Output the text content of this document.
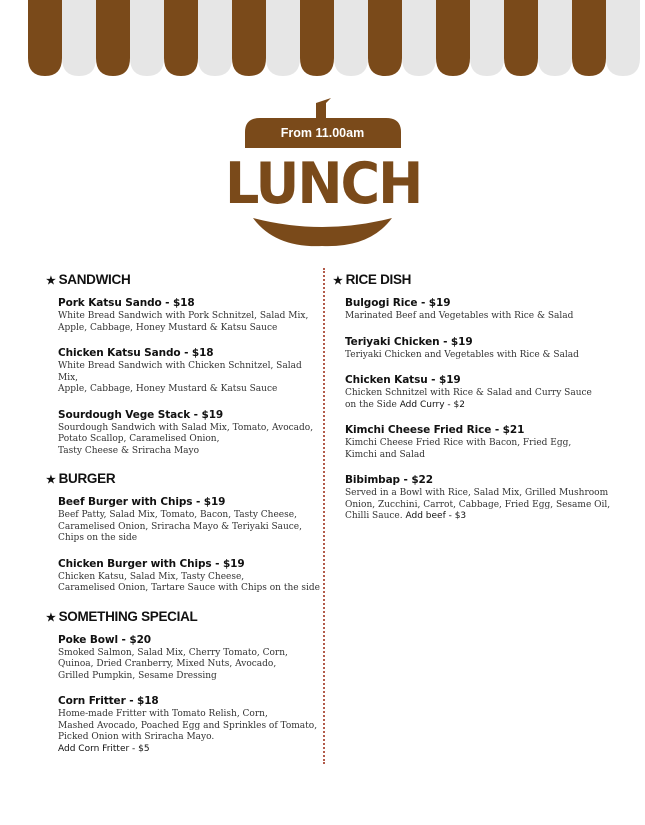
From 11.00am
LUNCH
★ SANDWICH
Pork Katsu Sando - $18
White Bread Sandwich with Pork Schnitzel, Salad Mix,
Apple, Cabbage, Honey Mustard & Katsu Sauce
Chicken Katsu Sando - $18
White Bread Sandwich with Chicken Schnitzel, Salad Mix,
Apple, Cabbage, Honey Mustard & Katsu Sauce
Sourdough Vege Stack - $19
Sourdough Sandwich with Salad Mix, Tomato, Avocado,
Potato Scallop, Caramelised Onion,
Tasty Cheese & Sriracha Mayo
★ BURGER
Beef Burger with Chips - $19
Beef Patty, Salad Mix, Tomato, Bacon, Tasty Cheese,
Caramelised Onion, Sriracha Mayo & Teriyaki Sauce,
Chips on the side
Chicken Burger with Chips - $19
Chicken Katsu, Salad Mix, Tasty Cheese,
Caramelised Onion, Tartare Sauce with Chips on the side
★ SOMETHING SPECIAL
Poke Bowl - $20
Smoked Salmon, Salad Mix, Cherry Tomato, Corn,
Quinoa, Dried Cranberry, Mixed Nuts, Avocado,
Grilled Pumpkin, Sesame Dressing
Corn Fritter - $18
Home-made Fritter with Tomato Relish, Corn,
Mashed Avocado, Poached Egg and Sprinkles of Tomato,
Picked Onion with Sriracha Mayo.
Add Corn Fritter - $5
★ RICE DISH
Bulgogi Rice - $19
Marinated Beef and Vegetables with Rice & Salad
Teriyaki Chicken - $19
Teriyaki Chicken and Vegetables with Rice & Salad
Chicken Katsu - $19
Chicken Schnitzel with Rice & Salad and Curry Sauce
on the Side Add Curry - $2
Kimchi Cheese Fried Rice - $21
Kimchi Cheese Fried Rice with Bacon, Fried Egg,
Kimchi and Salad
Bibimbap - $22
Served in a Bowl with Rice, Salad Mix, Grilled Mushroom
Onion, Zucchini, Carrot, Cabbage, Fried Egg, Sesame Oil,
Chilli Sauce. Add beef - $3
